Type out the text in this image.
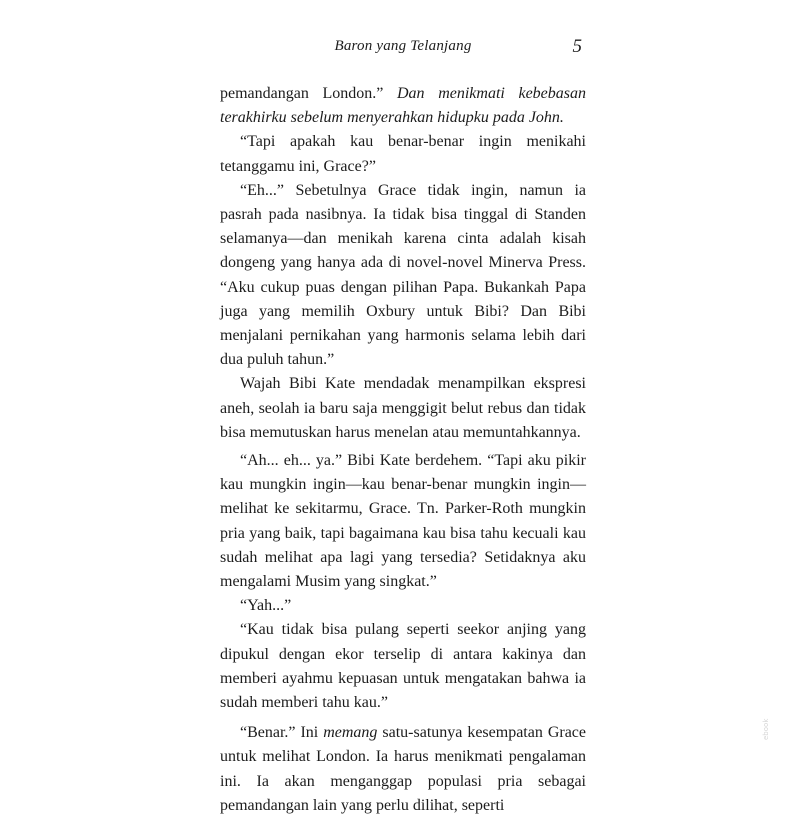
Baron yang Telanjang	5

pemandangan London.” Dan menikmati kebebasan terakhirku sebelum menyerahkan hidupku pada John.

“Tapi apakah kau benar-benar ingin menikahi tetanggamu ini, Grace?”

“Eh...” Sebetulnya Grace tidak ingin, namun ia pasrah pada nasibnya. Ia tidak bisa tinggal di Standen selamanya—dan menikah karena cinta adalah kisah dongeng yang hanya ada di novel-novel Minerva Press. “Aku cukup puas dengan pilihan Papa. Bukankah Papa juga yang memilih Oxbury untuk Bibi? Dan Bibi menjalani pernikahan yang harmonis selama lebih dari dua puluh tahun.”

Wajah Bibi Kate mendadak menampilkan ekspresi aneh, seolah ia baru saja menggigit belut rebus dan tidak bisa memutuskan harus menelan atau memuntahkannya.

“Ah... eh... ya.” Bibi Kate berdehem. “Tapi aku pikir kau mungkin ingin—kau benar-benar mungkin ingin—melihat ke sekitarmu, Grace. Tn. Parker-Roth mungkin pria yang baik, tapi bagaimana kau bisa tahu kecuali kau sudah melihat apa lagi yang tersedia? Setidaknya aku mengalami Musim yang singkat.”

“Yah...”

“Kau tidak bisa pulang seperti seekor anjing yang dipukul dengan ekor terselip di antara kakinya dan memberi ayahmu kepuasan untuk mengatakan bahwa ia sudah memberi tahu kau.”

“Benar.” Ini memang satu-satunya kesempatan Grace untuk melihat London. Ia harus menikmati pengalaman ini. Ia akan menganggap populasi pria sebagai pemandangan lain yang perlu dilihat, seperti

ebook
